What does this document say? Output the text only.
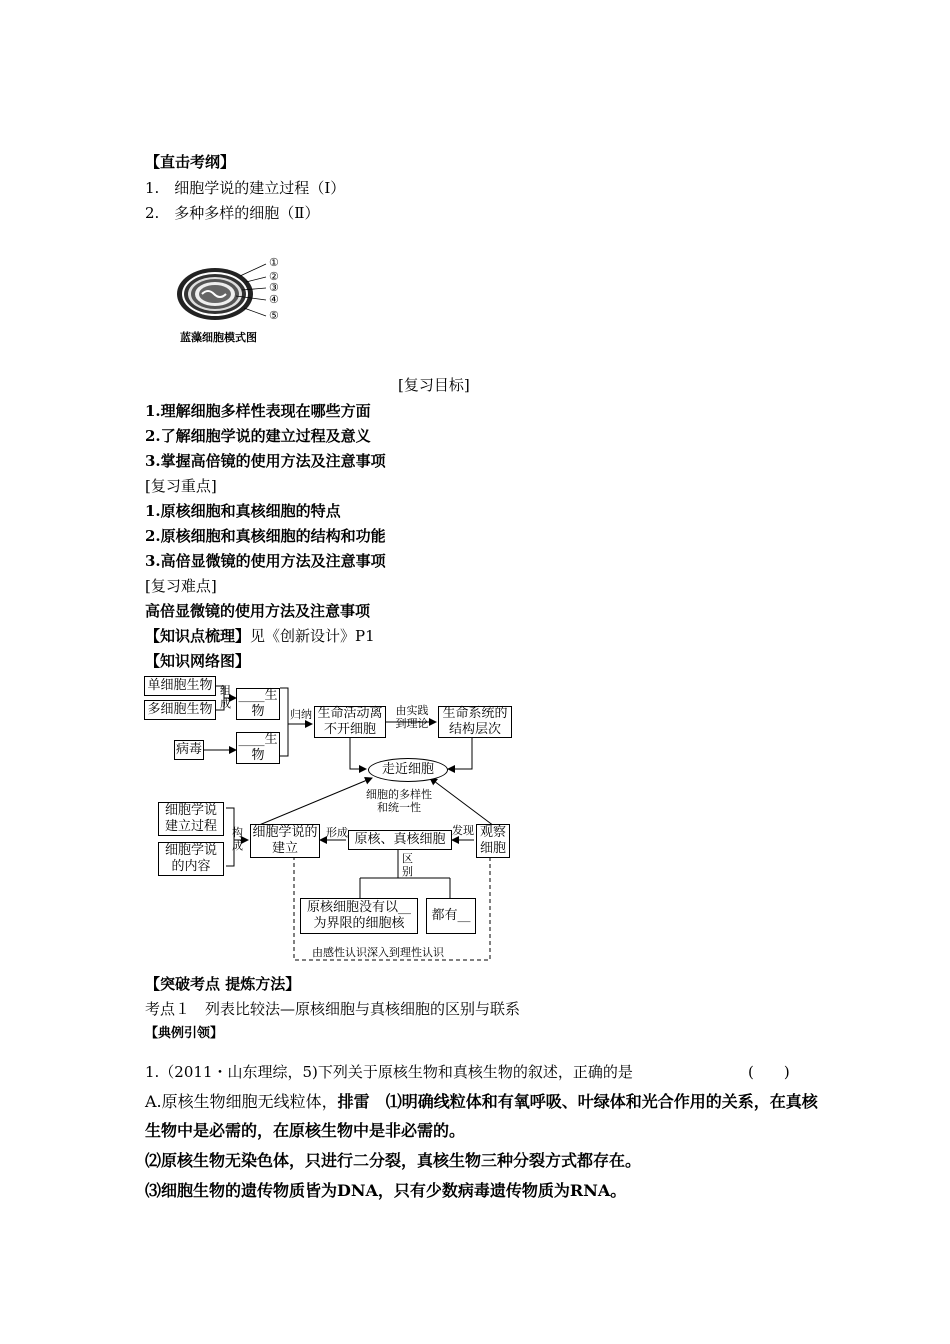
【直击考纲】
1.　细胞学说的建立过程（Ⅰ）
2.　多种多样的细胞（Ⅱ）
①
②
③
④
⑤
蓝藻细胞模式图
[复习目标]
1.理解细胞多样性表现在哪些方面
2.了解细胞学说的建立过程及意义
3.掌握高倍镜的使用方法及注意事项
[复习重点]
1.原核细胞和真核细胞的特点
2.原核细胞和真核细胞的结构和功能
3.高倍显微镜的使用方法及注意事项
[复习难点]
高倍显微镜的使用方法及注意事项
【知识点梳理】见《创新设计》P1
【知识网络图】
单细胞生物
多细胞生物
病毒
____生物
____生物
生命活动离不开细胞
生命系统的结构层次
走近细胞
细胞学说建立过程
细胞学说的内容
细胞学说的建立
原核、真核细胞	观察细胞
原核细胞没有以__为界限的细胞核
都有__
组成
归纳	由实践到理论
细胞的多样性和统一性
构成
形成	发现
区别
由感性认识深入到理性认识
【突破考点 提炼方法】
考点１　列表比较法—原核细胞与真核细胞的区别与联系
【典例引领】
1.（2011・山东理综，5)下列关于原核生物和真核生物的叙述，正确的是	(　　)
A.原核生物细胞无线粒体，排雷　 ⑴明确线粒体和有氧呼吸、叶绿体和光合作用的关系，在真核
生物中是必需的，在原核生物中是非必需的。
⑵原核生物无染色体，只进行二分裂，真核生物三种分裂方式都存在。
⑶细胞生物的遗传物质皆为DNA，只有少数病毒遗传物质为RNA。
